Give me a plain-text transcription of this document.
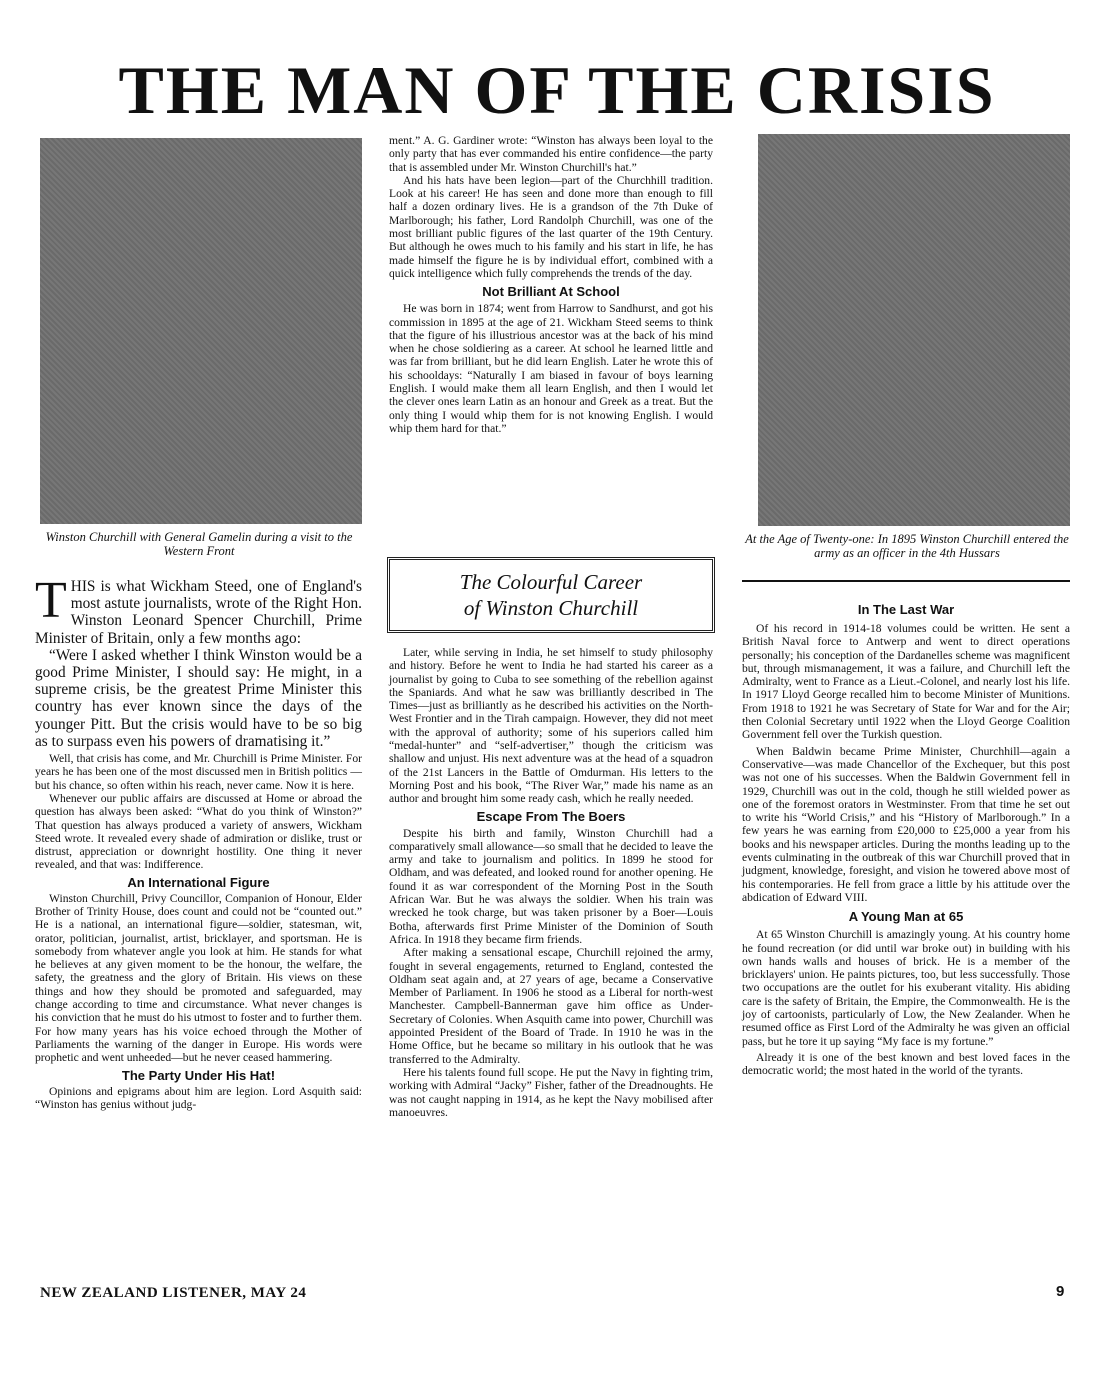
THE MAN OF THE CRISIS
Winston Churchill with General Gamelin during a visit to the Western Front

THIS is what Wickham Steed, one of England's most astute journalists, wrote of the Right Hon. Winston Leonard Spencer Churchill, Prime Minister of Britain, only a few months ago:

“Were I asked whether I think Winston would be a good Prime Minister, I should say: He might, in a supreme crisis, be the greatest Prime Minister this country has ever known since the days of the younger Pitt. But the crisis would have to be so big as to surpass even his powers of dramatising it.”

Well, that crisis has come, and Mr. Churchill is Prime Minister. For years he has been one of the most discussed men in British politics — but his chance, so often within his reach, never came. Now it is here.

Whenever our public affairs are discussed at Home or abroad the question has always been asked: “What do you think of Winston?” That question has always produced a variety of answers, Wickham Steed wrote. It revealed every shade of admiration or dislike, trust or distrust, appreciation or downright hostility. One thing it never revealed, and that was: Indifference.

An International Figure

Winston Churchill, Privy Councillor, Companion of Honour, Elder Brother of Trinity House, does count and could not be “counted out.” He is a national, an international figure—soldier, statesman, wit, orator, politician, journalist, artist, bricklayer, and sportsman. He is somebody from whatever angle you look at him. He stands for what he believes at any given moment to be the honour, the welfare, the safety, the greatness and the glory of Britain. His views on these things and how they should be promoted and safeguarded, may change according to time and circumstance. What never changes is his conviction that he must do his utmost to foster and to further them. For how many years has his voice echoed through the Mother of Parliaments the warning of the danger in Europe. His words were prophetic and went unheeded—but he never ceased hammering.

The Party Under His Hat!

Opinions and epigrams about him are legion. Lord Asquith said: “Winston has genius without judg-

ment.” A. G. Gardiner wrote: “Winston has always been loyal to the only party that has ever commanded his entire confidence—the party that is assembled under Mr. Winston Churchill's hat.”

And his hats have been legion—part of the Churchhill tradition. Look at his career! He has seen and done more than enough to fill half a dozen ordinary lives. He is a grandson of the 7th Duke of Marlborough; his father, Lord Randolph Churchill, was one of the most brilliant public figures of the last quarter of the 19th Century. But although he owes much to his family and his start in life, he has made himself the figure he is by individual effort, combined with a quick intelligence which fully comprehends the trends of the day.

Not Brilliant At School

He was born in 1874; went from Harrow to Sandhurst, and got his commission in 1895 at the age of 21. Wickham Steed seems to think that the figure of his illustrious ancestor was at the back of his mind when he chose soldiering as a career. At school he learned little and was far from brilliant, but he did learn English. Later he wrote this of his schooldays: “Naturally I am biased in favour of boys learning English. I would make them all learn English, and then I would let the clever ones learn Latin as an honour and Greek as a treat. But the only thing I would whip them for is not knowing English. I would whip them hard for that.”

The Colourful Career
of Winston Churchill

Later, while serving in India, he set himself to study philosophy and history. Before he went to India he had started his career as a journalist by going to Cuba to see something of the rebellion against the Spaniards. And what he saw was brilliantly described in The Times—just as brilliantly as he described his activities on the North-West Frontier and in the Tirah campaign. However, they did not meet with the approval of authority; some of his superiors called him “medal-hunter” and “self-advertiser,” though the criticism was shallow and unjust. His next adventure was at the head of a squadron of the 21st Lancers in the Battle of Omdurman. His letters to the Morning Post and his book, “The River War,” made his name as an author and brought him some ready cash, which he really needed.

Escape From The Boers

Despite his birth and family, Winston Churchill had a comparatively small allowance—so small that he decided to leave the army and take to journalism and politics. In 1899 he stood for Oldham, and was defeated, and looked round for another opening. He found it as war correspondent of the Morning Post in the South African War. But he was always the soldier. When his train was wrecked he took charge, but was taken prisoner by a Boer—Louis Botha, afterwards first Prime Minister of the Dominion of South Africa. In 1918 they became firm friends.

After making a sensational escape, Churchill rejoined the army, fought in several engagements, returned to England, contested the Oldham seat again and, at 27 years of age, became a Conservative Member of Parliament. In 1906 he stood as a Liberal for north-west Manchester. Campbell-Bannerman gave him office as Under-Secretary of Colonies. When Asquith came into power, Churchill was appointed President of the Board of Trade. In 1910 he was in the Home Office, but he became so military in his outlook that he was transferred to the Admiralty.

Here his talents found full scope. He put the Navy in fighting trim, working with Admiral “Jacky” Fisher, father of the Dreadnoughts. He was not caught napping in 1914, as he kept the Navy mobilised after manoeuvres.

At the Age of Twenty-one: In 1895 Winston Churchill entered the army as an officer in the 4th Hussars
In The Last War

Of his record in 1914-18 volumes could be written. He sent a British Naval force to Antwerp and went to direct operations personally; his conception of the Dardanelles scheme was magnificent but, through mismanagement, it was a failure, and Churchill left the Admiralty, went to France as a Lieut.-Colonel, and nearly lost his life. In 1917 Lloyd George recalled him to become Minister of Munitions. From 1918 to 1921 he was Secretary of State for War and for the Air; then Colonial Secretary until 1922 when the Lloyd George Coalition Government fell over the Turkish question.

When Baldwin became Prime Minister, Churchhill—again a Conservative—was made Chancellor of the Exchequer, but this post was not one of his successes. When the Baldwin Government fell in 1929, Churchill was out in the cold, though he still wielded power as one of the foremost orators in Westminster. From that time he set out to write his “World Crisis,” and his “History of Marlborough.” In a few years he was earning from £20,000 to £25,000 a year from his books and his newspaper articles. During the months leading up to the events culminating in the outbreak of this war Churchill proved that in judgment, knowledge, foresight, and vision he towered above most of his contemporaries. He fell from grace a little by his attitude over the abdication of Edward VIII.

A Young Man at 65

At 65 Winston Churchill is amazingly young. At his country home he found recreation (or did until war broke out) in building with his own hands walls and houses of brick. He is a member of the bricklayers' union. He paints pictures, too, but less successfully. Those two occupations are the outlet for his exuberant vitality. His abiding care is the safety of Britain, the Empire, the Commonwealth. He is the joy of cartoonists, particularly of Low, the New Zealander. When he resumed office as First Lord of the Admiralty he was given an official pass, but he tore it up saying “My face is my fortune.”

Already it is one of the best known and best loved faces in the democratic world; the most hated in the world of the tyrants.

NEW ZEALAND LISTENER, MAY 24	9
